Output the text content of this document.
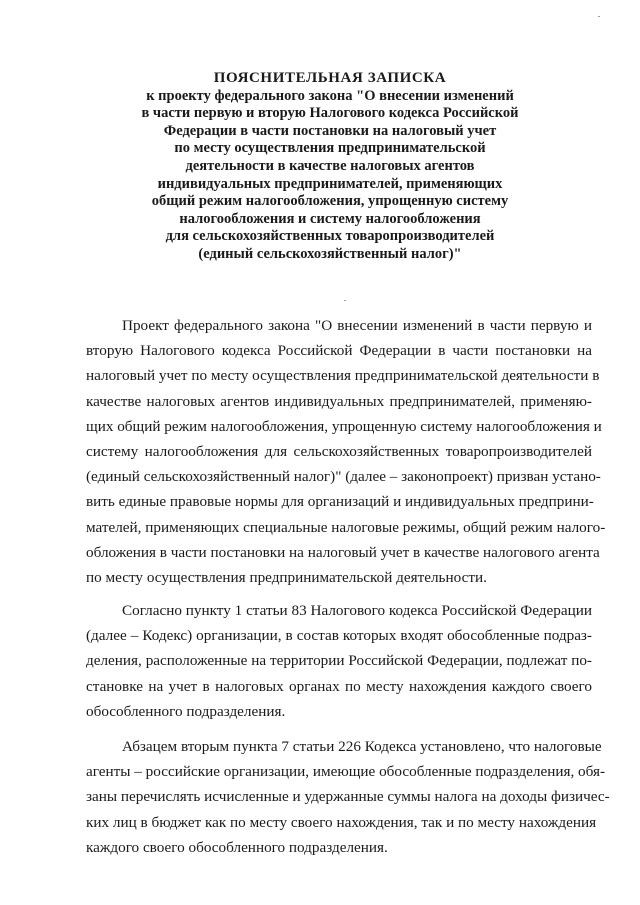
ПОЯСНИТЕЛЬНАЯ ЗАПИСКА
к проекту федерального закона "О внесении изменений
в части первую и вторую Налогового кодекса Российской
Федерации в части постановки на налоговый учет
по месту осуществления предпринимательской
деятельности в качестве налоговых агентов
индивидуальных предпринимателей, применяющих
общий режим налогообложения, упрощенную систему
налогообложения и систему налогообложения
для сельскохозяйственных товаропроизводителей
(единый сельскохозяйственный налог)"
Проект федерального закона "О внесении изменений в части первую и
вторую Налогового кодекса Российской Федерации в части постановки на
налоговый учет по месту осуществления предпринимательской деятельности в
качестве налоговых агентов индивидуальных предпринимателей, применяю-
щих общий режим налогообложения, упрощенную систему налогообложения и
систему налогообложения для сельскохозяйственных товаропроизводителей
(единый сельскохозяйственный налог)" (далее – законопроект) призван устано-
вить единые правовые нормы для организаций и индивидуальных предприни-
мателей, применяющих специальные налоговые режимы, общий режим налого-
обложения в части постановки на налоговый учет в качестве налогового агента
по месту осуществления предпринимательской деятельности.
Согласно пункту 1 статьи 83 Налогового кодекса Российской Федерации
(далее – Кодекс) организации, в состав которых входят обособленные подраз-
деления, расположенные на территории Российской Федерации, подлежат по-
становке на учет в налоговых органах по месту нахождения каждого своего
обособленного подразделения.
Абзацем вторым пункта 7 статьи 226 Кодекса установлено, что налоговые
агенты – российские организации, имеющие обособленные подразделения, обя-
заны перечислять исчисленные и удержанные суммы налога на доходы физичес-
ких лиц в бюджет как по месту своего нахождения, так и по месту нахождения
каждого своего обособленного подразделения.
